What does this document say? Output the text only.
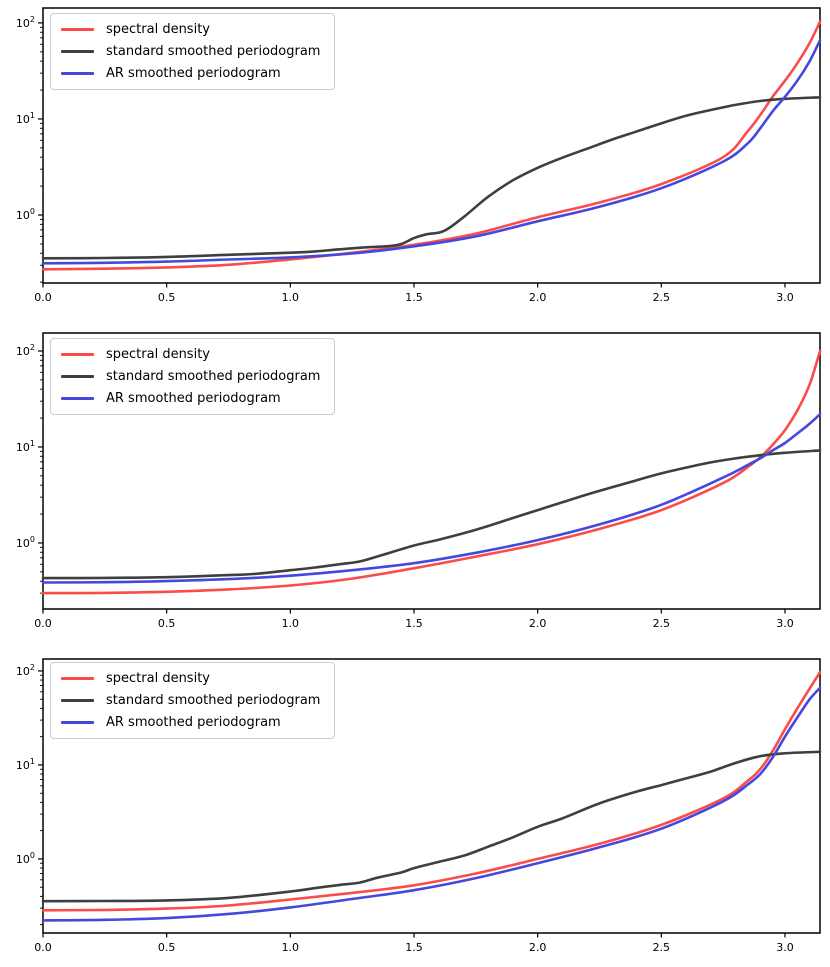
0.0	0.5	1.0	1.5	2.0	2.5	3.0
$10^0$
$10^1$
$10^2$
0.0	0.5	1.0	1.5	2.0	2.5	3.0
$10^0$
$10^1$
$10^2$
0.0	0.5	1.0	1.5	2.0	2.5	3.0
$10^0$
$10^1$
$10^2$
spectral density
standard smoothed periodogram
AR smoothed periodogram
spectral density
standard smoothed periodogram
AR smoothed periodogram
spectral density
standard smoothed periodogram
AR smoothed periodogram
